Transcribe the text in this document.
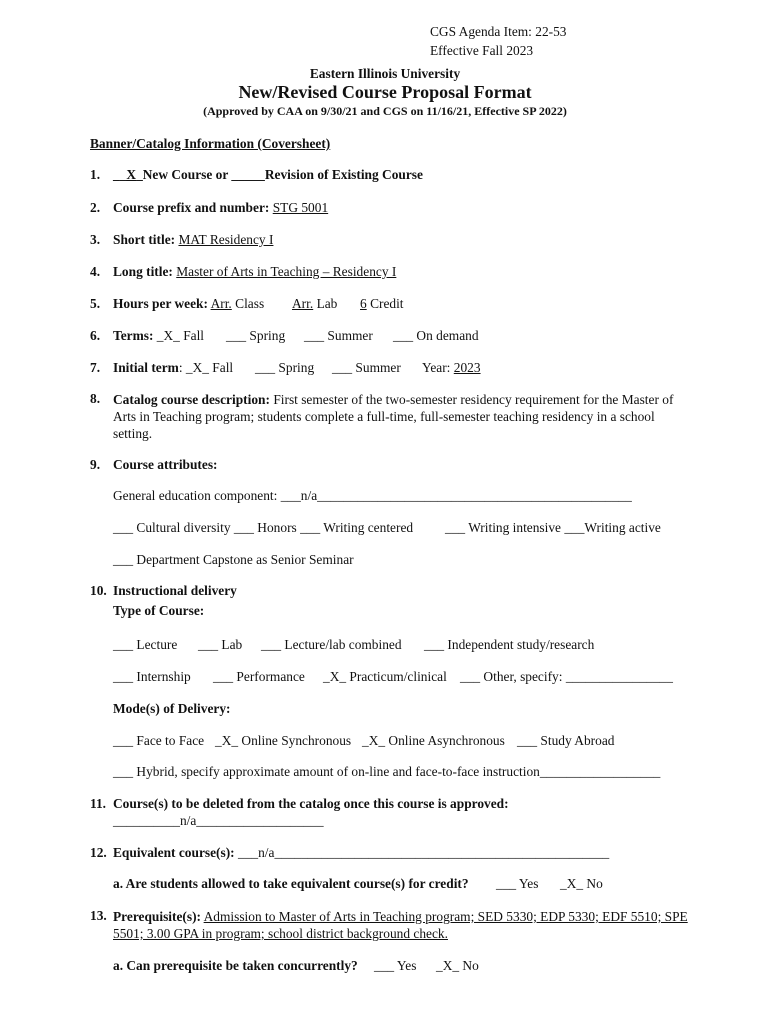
CGS Agenda Item: 22-53
Effective Fall 2023
Eastern Illinois University
New/Revised Course Proposal Format
(Approved by CAA on 9/30/21 and CGS on 11/16/21, Effective SP 2022)
Banner/Catalog Information (Coversheet)
1. __X_New Course or _____Revision of Existing Course
2. Course prefix and number: STG 5001
3. Short title: MAT Residency I
4. Long title: Master of Arts in Teaching – Residency I
5. Hours per week: Arr. Class Arr. Lab 6 Credit
6. Terms: _X_ Fall ___ Spring ___ Summer ___ On demand
7. Initial term: _X_ Fall ___ Spring ___ Summer Year: 2023
8. Catalog course description: First semester of the two-semester residency requirement for the Master of Arts in Teaching program; students complete a full-time, full-semester teaching residency in a school setting.
9. Course attributes:
General education component: ___n/a_______________________________________________
___ Cultural diversity ___ Honors ___ Writing centered ___ Writing intensive ___Writing active
___ Department Capstone as Senior Seminar
10. Instructional delivery
Type of Course:
___ Lecture ___ Lab ___ Lecture/lab combined ___ Independent study/research
___ Internship ___ Performance _X_ Practicum/clinical ___ Other, specify: ________________
Mode(s) of Delivery:
___ Face to Face _X_ Online Synchronous _X_ Online Asynchronous ___ Study Abroad
___ Hybrid, specify approximate amount of on-line and face-to-face instruction__________________
11. Course(s) to be deleted from the catalog once this course is approved:
__________n/a___________________
12. Equivalent course(s): ___n/a__________________________________________________
a. Are students allowed to take equivalent course(s) for credit? ___ Yes _X_ No
13. Prerequisite(s): Admission to Master of Arts in Teaching program; SED 5330; EDP 5330; EDF 5510; SPE 5501; 3.00 GPA in program; school district background check.
a. Can prerequisite be taken concurrently? ___ Yes _X_ No
